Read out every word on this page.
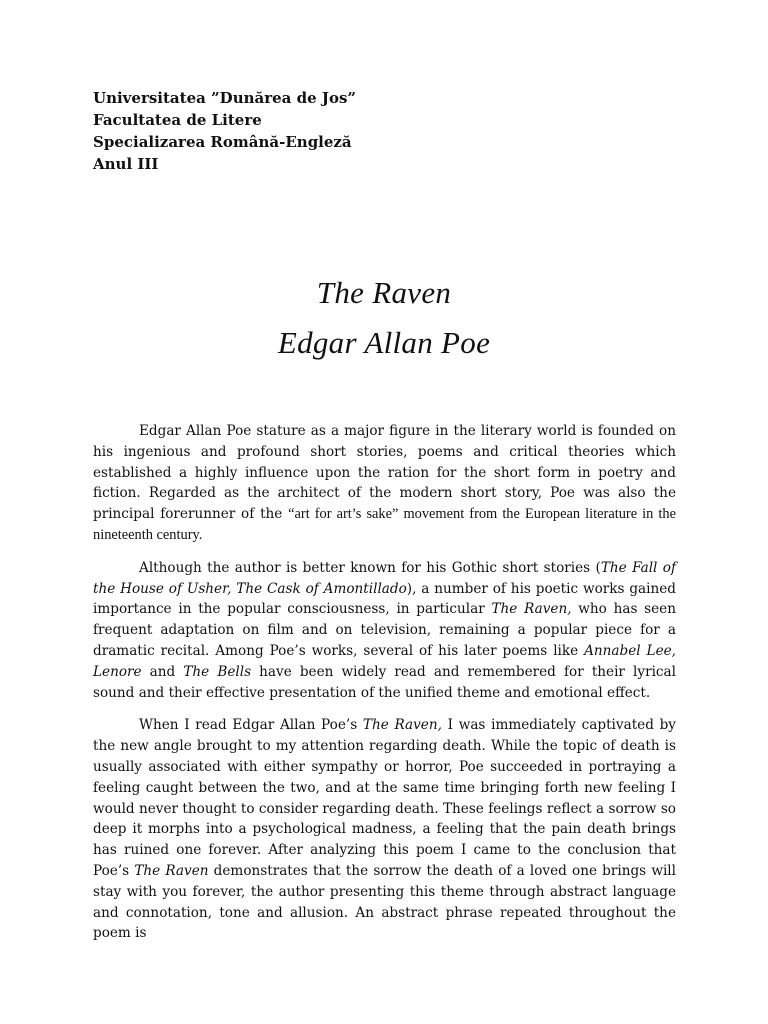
Universitatea ”Dunărea de Jos”
Facultatea de Litere
Specializarea Română-Engleză
Anul III
The Raven
Edgar Allan Poe

Edgar Allan Poe stature as a major figure in the literary world is founded on his ingenious and profound short stories, poems and critical theories which established a highly influence upon the ration for the short form in poetry and fiction. Regarded as the architect of the modern short story, Poe was also the principal forerunner of the “art for art’s sake” movement from the European literature in the nineteenth century.

Although the author is better known for his Gothic short stories (The Fall of the House of Usher, The Cask of Amontillado), a number of his poetic works gained importance in the popular consciousness, in particular The Raven, who has seen frequent adaptation on film and on television, remaining a popular piece for a dramatic recital. Among Poe’s works, several of his later poems like Annabel Lee, Lenore and The Bells have been widely read and remembered for their lyrical sound and their effective presentation of the unified theme and emotional effect.

When I read Edgar Allan Poe’s The Raven, I was immediately captivated by the new angle brought to my attention regarding death. While the topic of death is usually associated with either sympathy or horror, Poe succeeded in portraying a feeling caught between the two, and at the same time bringing forth new feeling I would never thought to consider regarding death. These feelings reflect a sorrow so deep it morphs into a psychological madness, a feeling that the pain death brings has ruined one forever. After analyzing this poem I came to the conclusion that Poe’s The Raven demonstrates that the sorrow the death of a loved one brings will stay with you forever, the author presenting this theme through abstract language and connotation, tone and allusion. An abstract phrase repeated throughout the poem is
